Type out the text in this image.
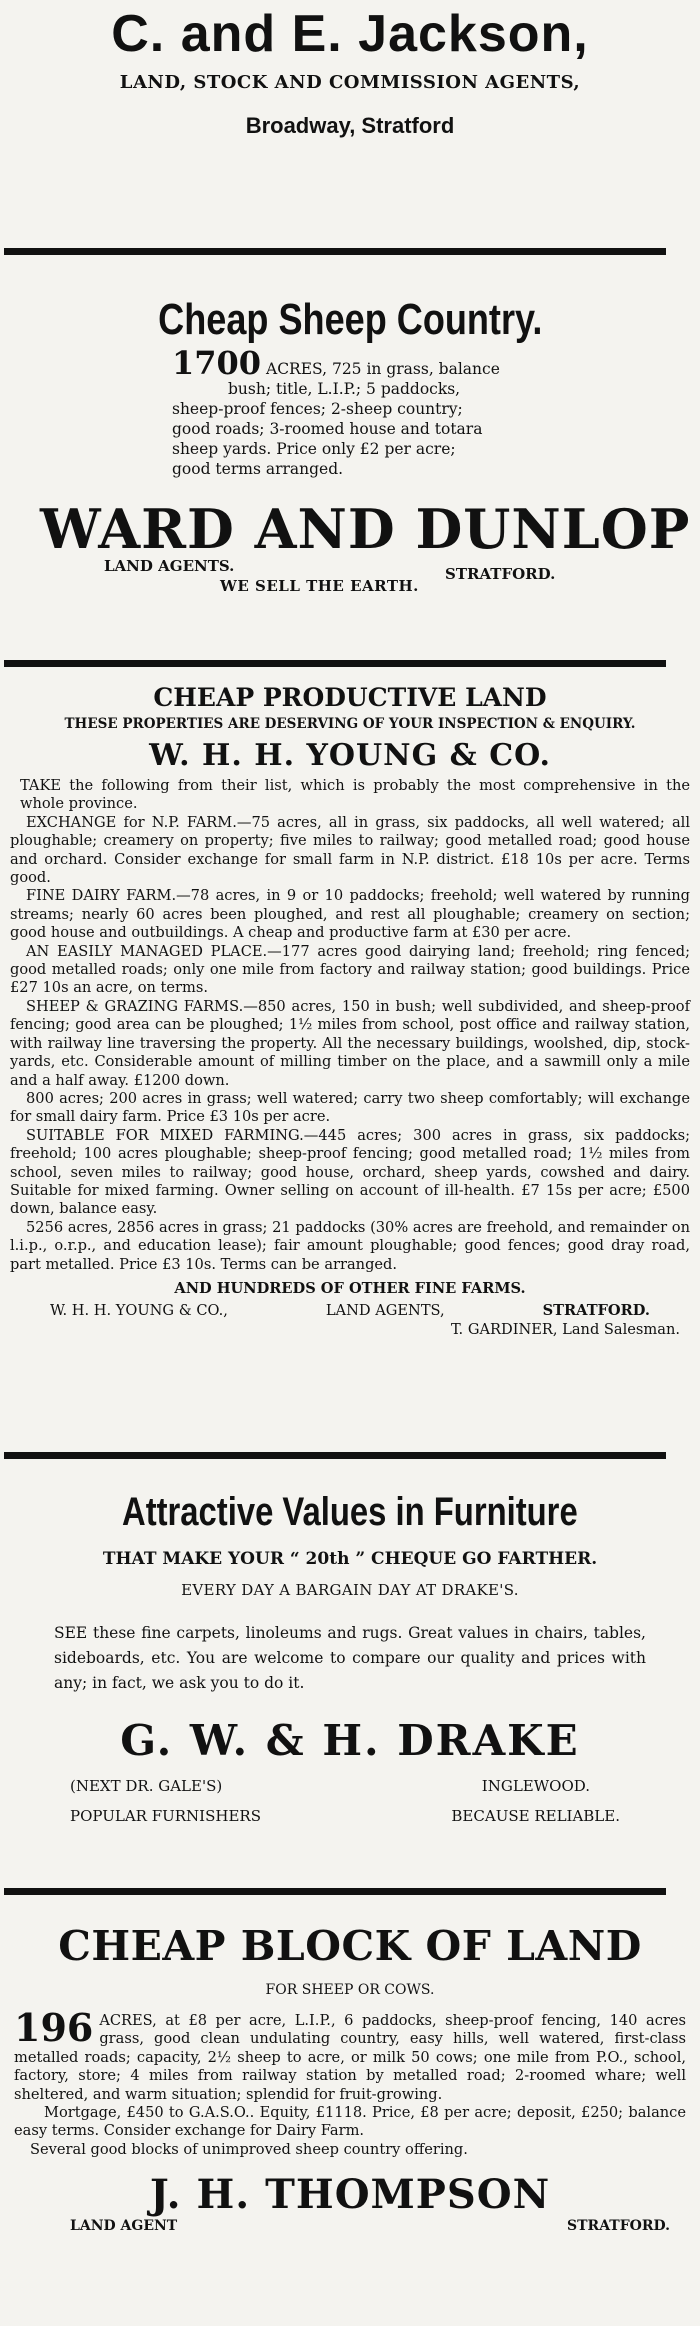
C. and E. Jackson,
LAND, STOCK AND COMMISSION AGENTS,
Broadway, Stratford
Cheap Sheep Country.
1700 ACRES, 725 in grass, balance
bush; title, L.I.P.; 5 paddocks,
sheep-proof fences; 2-sheep country;
good roads; 3-roomed house and totara
sheep yards. Price only £2 per acre;
good terms arranged.
WARD AND DUNLOP
LAND AGENTS.	STRATFORD.
WE SELL THE EARTH.
CHEAP PRODUCTIVE LAND
THESE PROPERTIES ARE DESERVING OF YOUR INSPECTION & ENQUIRY.
W. H. H. YOUNG & CO.
TAKE the following from their list, which is probably the most comprehensive in the whole province.
EXCHANGE for N.P. FARM.—75 acres, all in grass, six paddocks, all well watered; all ploughable; creamery on property; five miles to railway; good metalled road; good house and orchard. Consider exchange for small farm in N.P. district. £18 10s per acre. Terms good.
FINE DAIRY FARM.—78 acres, in 9 or 10 paddocks; freehold; well watered by running streams; nearly 60 acres been ploughed, and rest all ploughable; creamery on section; good house and outbuildings. A cheap and productive farm at £30 per acre.
AN EASILY MANAGED PLACE.—177 acres good dairying land; freehold; ring fenced; good metalled roads; only one mile from factory and railway station; good buildings. Price £27 10s an acre, on terms.
SHEEP & GRAZING FARMS.—850 acres, 150 in bush; well subdivided, and sheep-proof fencing; good area can be ploughed; 1½ miles from school, post office and railway station, with railway line traversing the property. All the necessary buildings, woolshed, dip, stock-yards, etc. Considerable amount of milling timber on the place, and a sawmill only a mile and a half away. £1200 down.
800 acres; 200 acres in grass; well watered; carry two sheep comfortably; will exchange for small dairy farm. Price £3 10s per acre.
SUITABLE FOR MIXED FARMING.—445 acres; 300 acres in grass, six paddocks; freehold; 100 acres ploughable; sheep-proof fencing; good metalled road; 1½ miles from school, seven miles to railway; good house, orchard, sheep yards, cowshed and dairy. Suitable for mixed farming. Owner selling on account of ill-health. £7 15s per acre; £500 down, balance easy.
5256 acres, 2856 acres in grass; 21 paddocks (30% acres are freehold, and remainder on l.i.p., o.r.p., and education lease); fair amount ploughable; good fences; good dray road, part metalled. Price £3 10s. Terms can be arranged.
AND HUNDREDS OF OTHER FINE FARMS.
W. H. H. YOUNG & CO.,	LAND AGENTS,	STRATFORD.
T. GARDINER, Land Salesman.
Attractive Values in Furniture
THAT MAKE YOUR “ 20th ” CHEQUE GO FARTHER.
EVERY DAY A BARGAIN DAY AT DRAKE'S.
SEE these fine carpets, linoleums and rugs. Great values in chairs, tables, sideboards, etc. You are welcome to compare our quality and prices with any; in fact, we ask you to do it.
G. W. & H. DRAKE
(NEXT DR. GALE'S)	INGLEWOOD.
POPULAR FURNISHERS	BECAUSE RELIABLE.
CHEAP BLOCK OF LAND
FOR SHEEP OR COWS.
196 ACRES, at £8 per acre, L.I.P., 6 paddocks, sheep-proof fencing, 140 acres grass, good clean undulating country, easy hills, well watered, first-class metalled roads; capacity, 2½ sheep to acre, or milk 50 cows; one mile from P.O., school, factory, store; 4 miles from railway station by metalled road; 2-roomed whare; well sheltered, and warm situation; splendid for fruit-growing.
Mortgage, £450 to G.A.S.O.. Equity, £1118. Price, £8 per acre; deposit, £250; balance easy terms. Consider exchange for Dairy Farm.
Several good blocks of unimproved sheep country offering.
J. H. THOMPSON
LAND AGENT	STRATFORD.
